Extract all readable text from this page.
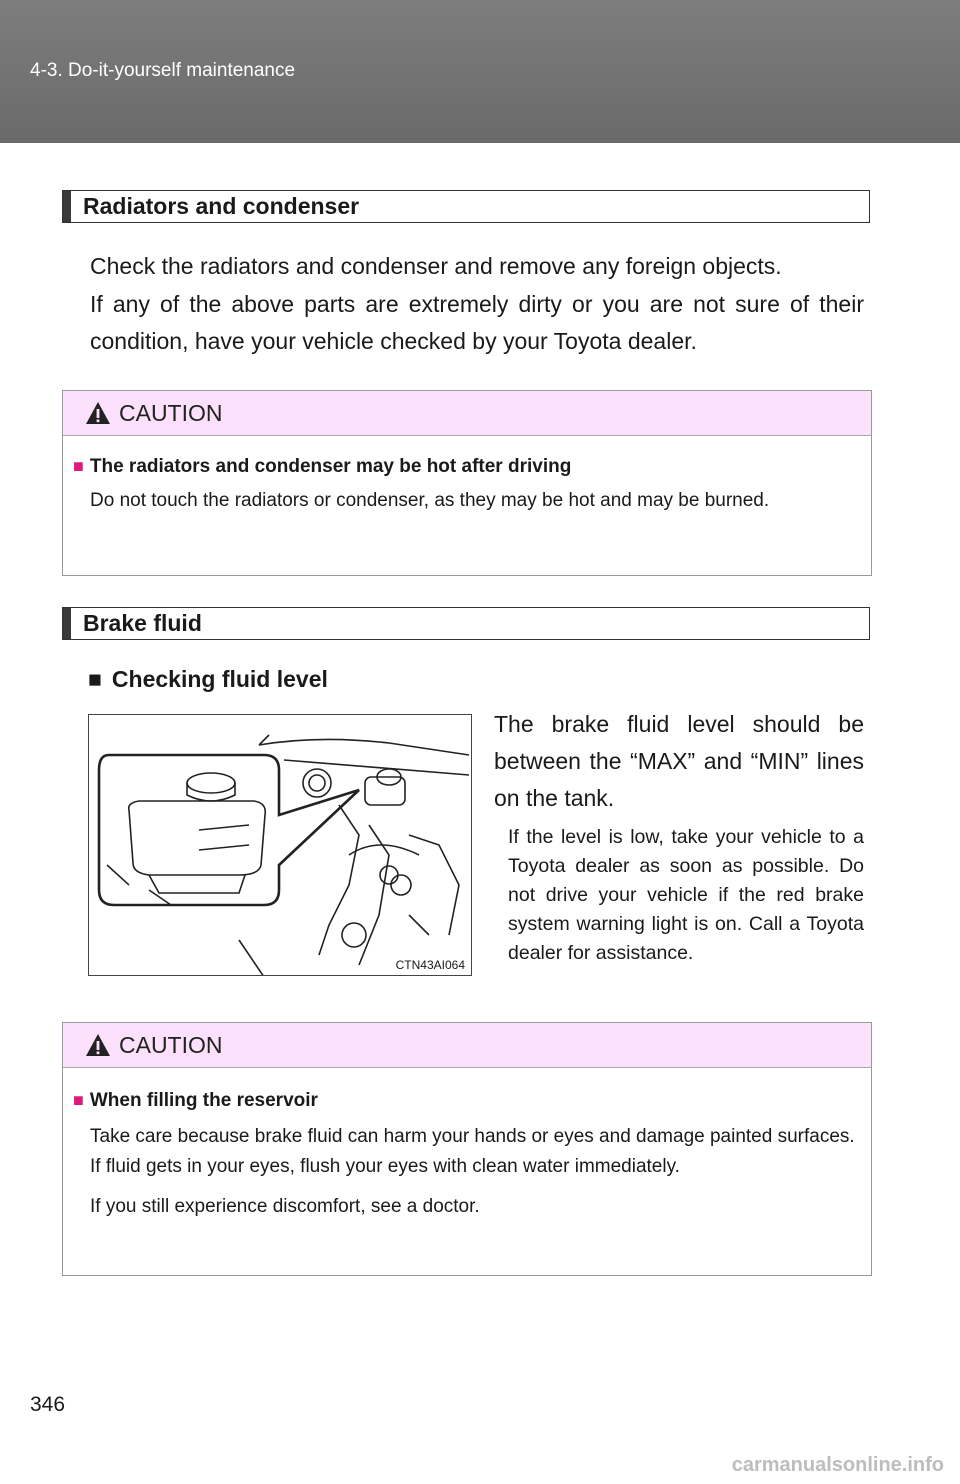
4-3. Do-it-yourself maintenance
Radiators and condenser

Check the radiators and condenser and remove any foreign objects.

If any of the above parts are extremely dirty or you are not sure of their condition, have your vehicle checked by your Toyota dealer.

CAUTION
■ The radiators and condenser may be hot after driving

Do not touch the radiators or condenser, as they may be hot and may be burned.

Brake fluid
■ Checking fluid level
CTN43AI064
The brake fluid level should be between the “MAX” and “MIN” lines on the tank.
If the level is low, take your vehicle to a Toyota dealer as soon as possible. Do not drive your vehicle if the red brake system warning light is on. Call a Toyota dealer for assistance.
CAUTION
■ When filling the reservoir

Take care because brake fluid can harm your hands or eyes and damage painted surfaces.

If fluid gets in your eyes, flush your eyes with clean water immediately.

If you still experience discomfort, see a doctor.

346
carmanualsonline.info
